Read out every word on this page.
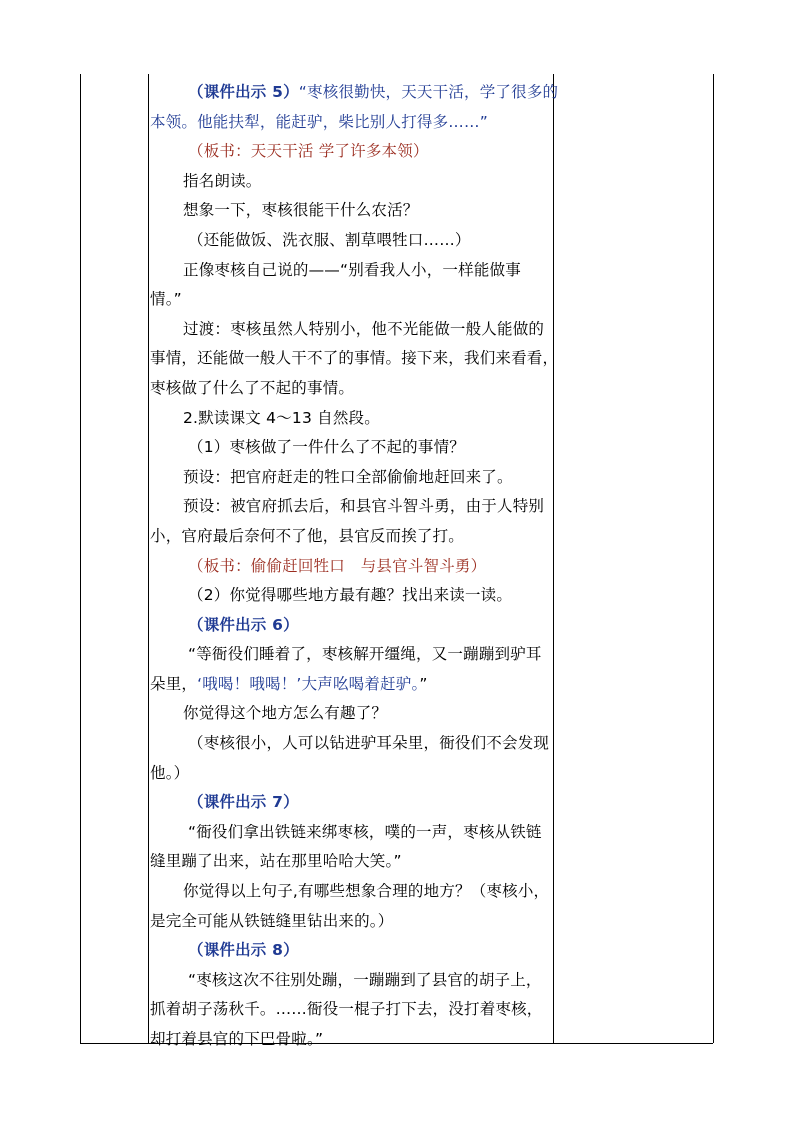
（课件出示 5）“枣核很勤快，天天干活，学了很多的
本领。他能扶犁，能赶驴，柴比别人打得多……”
（板书：天天干活 学了许多本领）
指名朗读。
想象一下，枣核很能干什么农活？
（还能做饭、洗衣服、割草喂牲口……）
正像枣核自己说的——“别看我人小，一样能做事
情。”
过渡：枣核虽然人特别小，他不光能做一般人能做的
事情，还能做一般人干不了的事情。接下来，我们来看看，
枣核做了什么了不起的事情。
2.默读课文 4～13 自然段。
（1）枣核做了一件什么了不起的事情？
预设：把官府赶走的牲口全部偷偷地赶回来了。
预设：被官府抓去后，和县官斗智斗勇，由于人特别
小，官府最后奈何不了他，县官反而挨了打。
（板书：偷偷赶回牲口　与县官斗智斗勇）
（2）你觉得哪些地方最有趣？找出来读一读。
（课件出示 6）
“等衙役们睡着了，枣核解开缰绳，又一蹦蹦到驴耳
朵里，‘哦喝！哦喝！’大声吆喝着赶驴。”
你觉得这个地方怎么有趣了？
（枣核很小，人可以钻进驴耳朵里，衙役们不会发现
他。）
（课件出示 7）
“衙役们拿出铁链来绑枣核，噗的一声，枣核从铁链
缝里蹦了出来，站在那里哈哈大笑。”
你觉得以上句子,有哪些想象合理的地方？（枣核小，
是完全可能从铁链缝里钻出来的。）
（课件出示 8）
“枣核这次不往别处蹦，一蹦蹦到了县官的胡子上，
抓着胡子荡秋千。……衙役一棍子打下去，没打着枣核，
却打着县官的下巴骨啦。”
